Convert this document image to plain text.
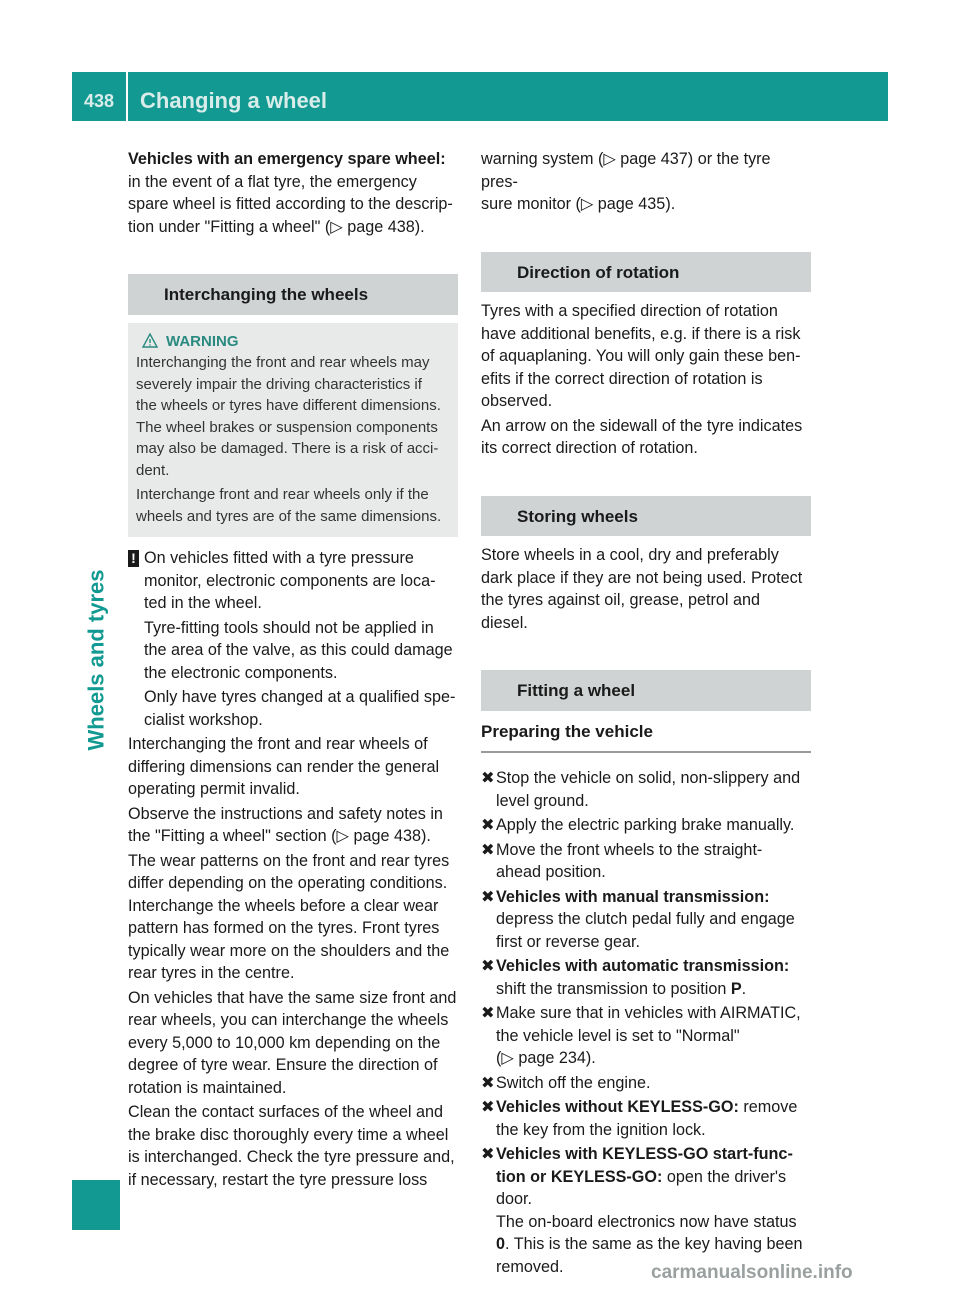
438 Changing a wheel
Wheels and tyres

Vehicles with an emergency spare wheel:
in the event of a flat tyre, the emergency
spare wheel is fitted according to the descrip-
tion under "Fitting a wheel" (▷ page 438).

Interchanging the wheels
WARNING
Interchanging the front and rear wheels may
severely impair the driving characteristics if
the wheels or tyres have different dimensions.
The wheel brakes or suspension components
may also be damaged. There is a risk of acci-
dent.
Interchange front and rear wheels only if the
wheels and tyres are of the same dimensions.
! On vehicles fitted with a tyre pressure
monitor, electronic components are loca-
ted in the wheel.

Tyre-fitting tools should not be applied in
the area of the valve, as this could damage
the electronic components.

Only have tyres changed at a qualified spe-
cialist workshop.

Interchanging the front and rear wheels of
differing dimensions can render the general
operating permit invalid.

Observe the instructions and safety notes in
the "Fitting a wheel" section (▷ page 438).

The wear patterns on the front and rear tyres
differ depending on the operating conditions.
Interchange the wheels before a clear wear
pattern has formed on the tyres. Front tyres
typically wear more on the shoulders and the
rear tyres in the centre.

On vehicles that have the same size front and
rear wheels, you can interchange the wheels
every 5,000 to 10,000 km depending on the
degree of tyre wear. Ensure the direction of
rotation is maintained.

Clean the contact surfaces of the wheel and
the brake disc thoroughly every time a wheel
is interchanged. Check the tyre pressure and,
if necessary, restart the tyre pressure loss

warning system (▷ page 437) or the tyre pres-
sure monitor (▷ page 435).

Direction of rotation

Tyres with a specified direction of rotation
have additional benefits, e.g. if there is a risk
of aquaplaning. You will only gain these ben-
efits if the correct direction of rotation is
observed.

An arrow on the sidewall of the tyre indicates
its correct direction of rotation.

Storing wheels

Store wheels in a cool, dry and preferably
dark place if they are not being used. Protect
the tyres against oil, grease, petrol and diesel.

Fitting a wheel
Preparing the vehicle
✖ Stop the vehicle on solid, non-slippery and
level ground.
✖ Apply the electric parking brake manually.
✖ Move the front wheels to the straight-
ahead position.
✖ Vehicles with manual transmission:
depress the clutch pedal fully and engage
first or reverse gear.
✖ Vehicles with automatic transmission:
shift the transmission to position P.
✖ Make sure that in vehicles with AIRMATIC,
the vehicle level is set to "Normal"
(▷ page 234).
✖ Switch off the engine.
✖ Vehicles without KEYLESS-GO: remove
the key from the ignition lock.
✖ Vehicles with KEYLESS-GO start-func-
tion or KEYLESS-GO: open the driver's
door.
The on-board electronics now have status
0. This is the same as the key having been
removed.	carmanualsonline.info
